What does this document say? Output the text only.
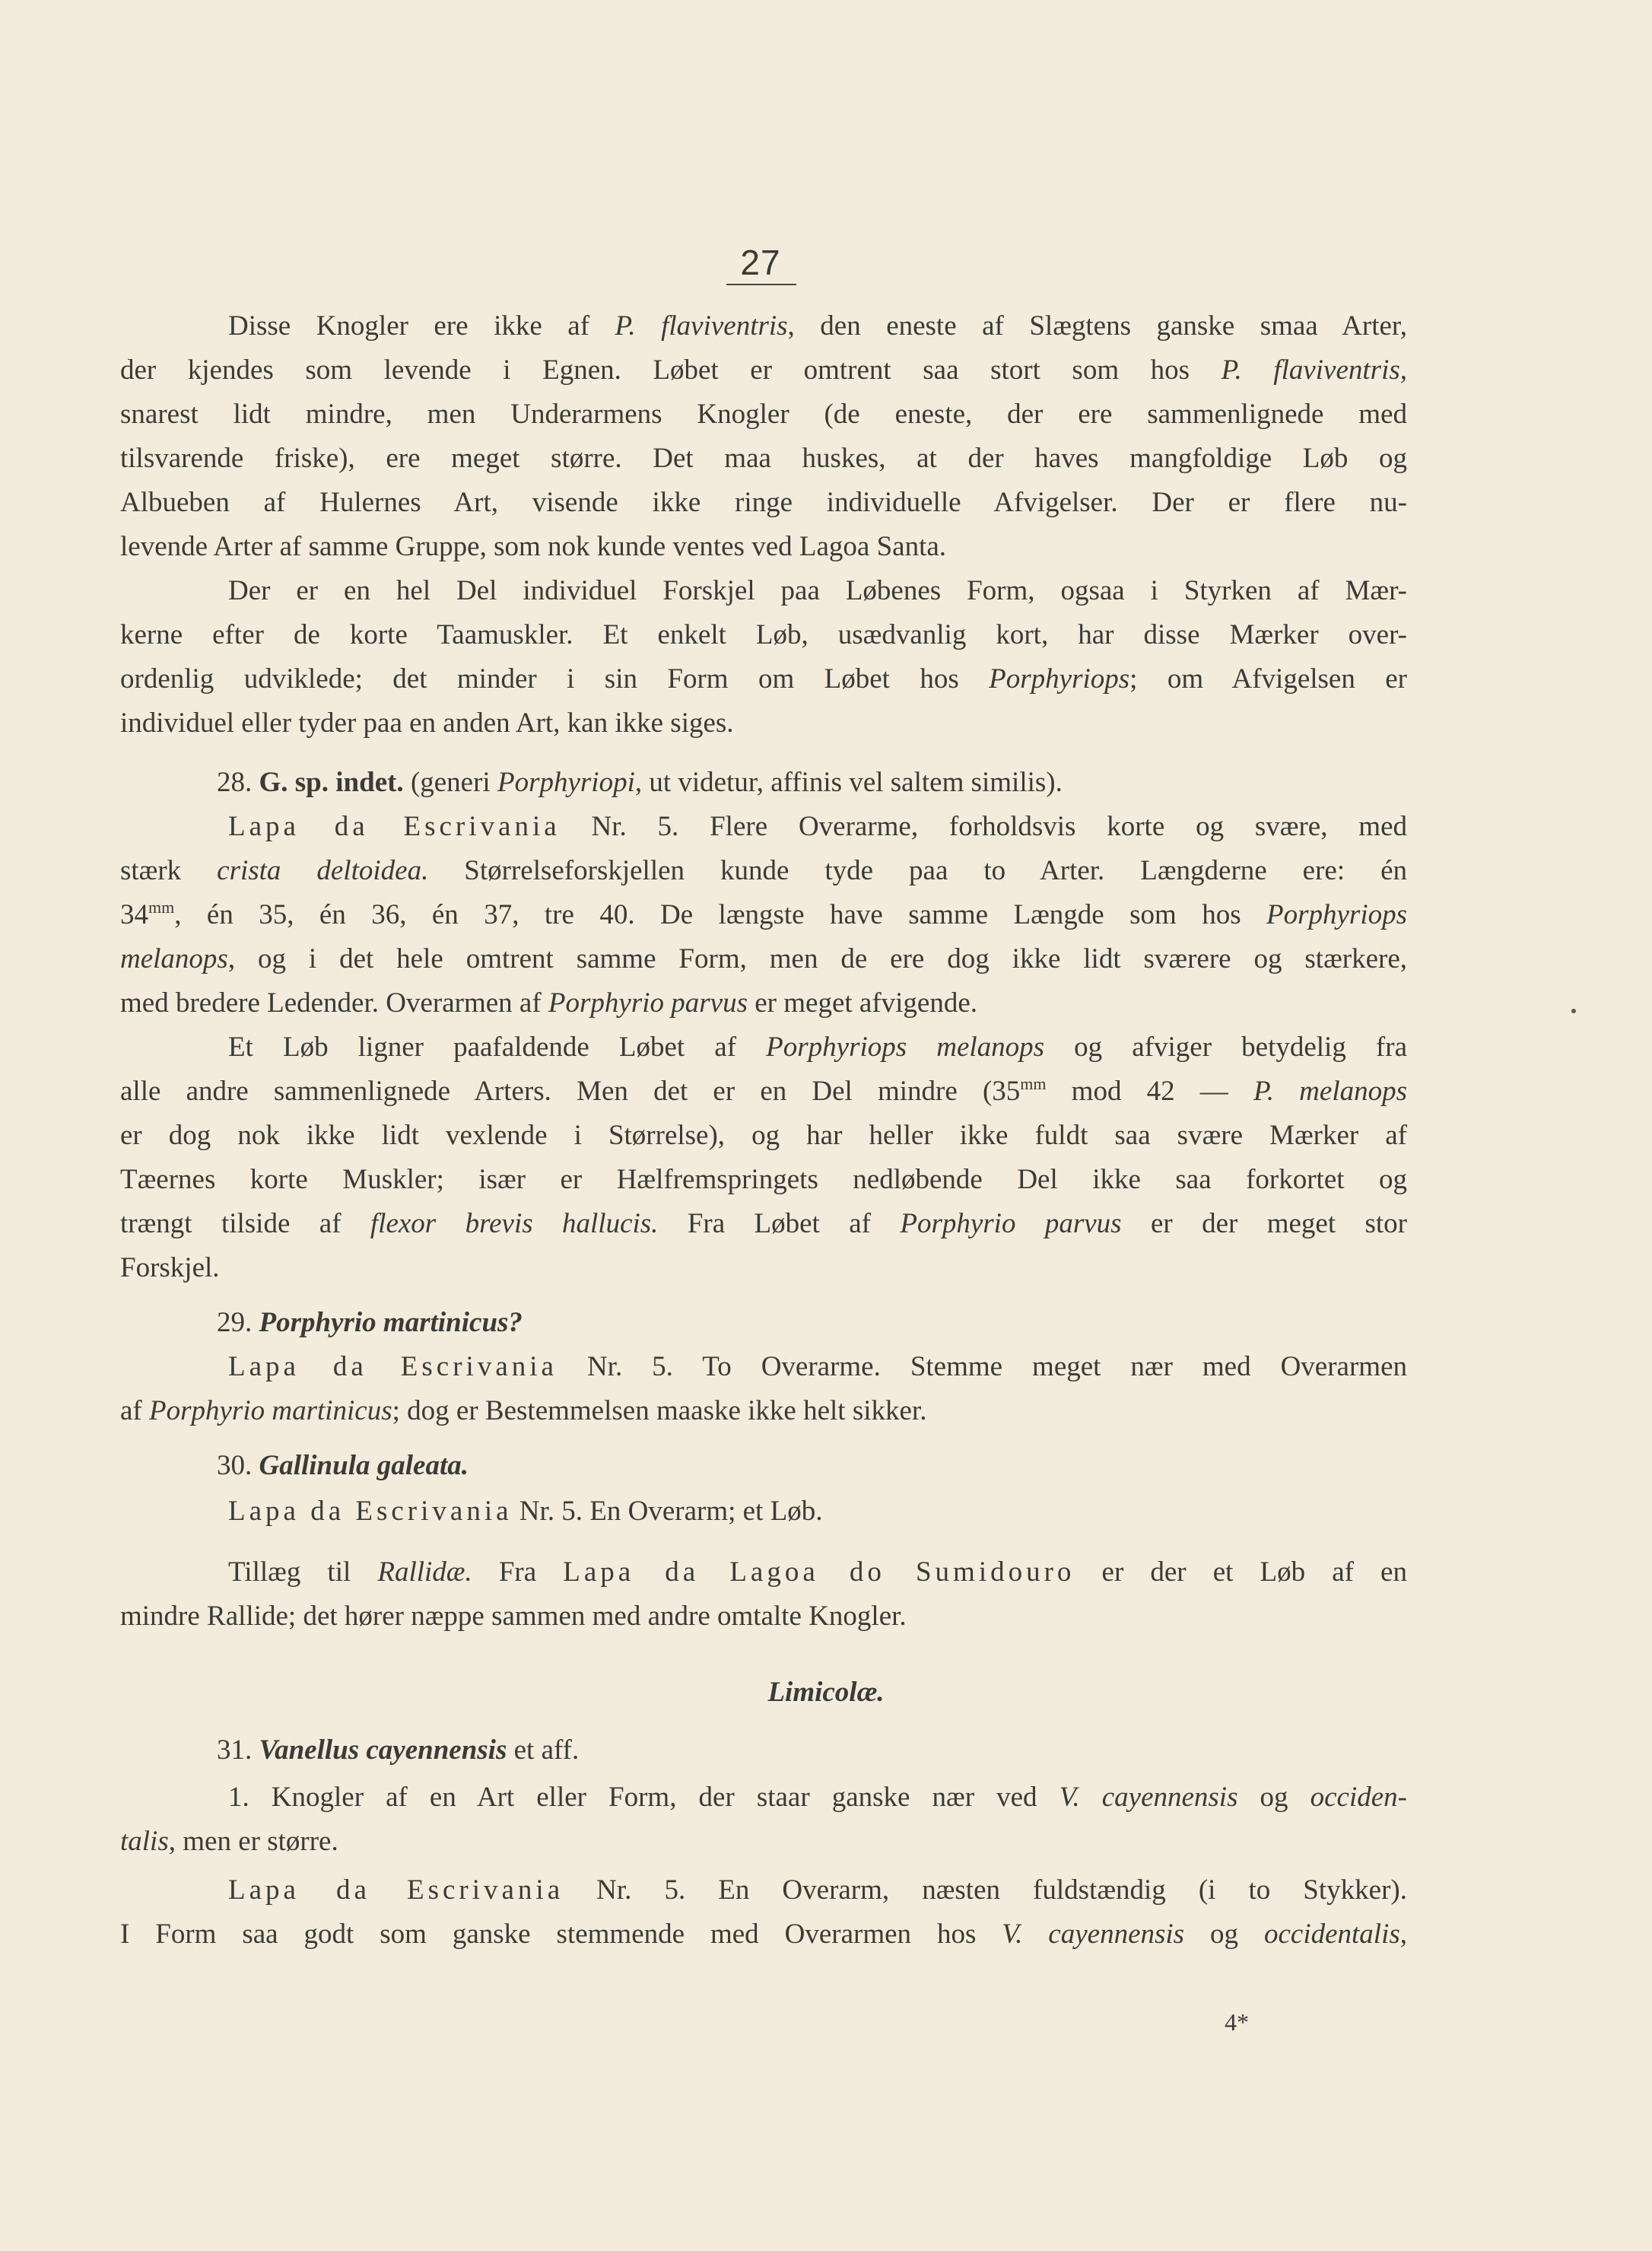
27
Disse Knogler ere ikke af P. flaviventris, den eneste af Slægtens ganske smaa Arter,
der kjendes som levende i Egnen. Løbet er omtrent saa stort som hos P. flaviventris,
snarest lidt mindre, men Underarmens Knogler (de eneste, der ere sammenlignede med
tilsvarende friske), ere meget større. Det maa huskes, at der haves mangfoldige Løb og
Albueben af Hulernes Art, visende ikke ringe individuelle Afvigelser. Der er flere nu-
levende Arter af samme Gruppe, som nok kunde ventes ved Lagoa Santa.
Der er en hel Del individuel Forskjel paa Løbenes Form, ogsaa i Styrken af Mær-
kerne efter de korte Taamuskler. Et enkelt Løb, usædvanlig kort, har disse Mærker over-
ordenlig udviklede; det minder i sin Form om Løbet hos Porphyriops; om Afvigelsen er
individuel eller tyder paa en anden Art, kan ikke siges.
28. G. sp. indet. (generi Porphyriopi, ut videtur, affinis vel saltem similis).
Lapa da Escrivania Nr. 5. Flere Overarme, forholdsvis korte og svære, med
stærk crista deltoidea. Størrelseforskjellen kunde tyde paa to Arter. Længderne ere: én
$34^{mm}$, én 35, én 36, én 37, tre 40. De længste have samme Længde som hos Porphyriops
melanops, og i det hele omtrent samme Form, men de ere dog ikke lidt sværere og stærkere,
med bredere Ledender. Overarmen af Porphyrio parvus er meget afvigende.
Et Løb ligner paafaldende Løbet af Porphyriops melanops og afviger betydelig fra
alle andre sammenlignede Arters. Men det er en Del mindre ($35^{mm}$ mod 42 — P. melanops
er dog nok ikke lidt vexlende i Størrelse), og har heller ikke fuldt saa svære Mærker af
Tæernes korte Muskler; især er Hælfremspringets nedløbende Del ikke saa forkortet og
trængt tilside af flexor brevis hallucis. Fra Løbet af Porphyrio parvus er der meget stor
Forskjel.
29. Porphyrio martinicus?
Lapa da Escrivania Nr. 5. To Overarme. Stemme meget nær med Overarmen
af Porphyrio martinicus; dog er Bestemmelsen maaske ikke helt sikker.
30. Gallinula galeata.
Lapa da Escrivania Nr. 5. En Overarm; et Løb.
Tillæg til Rallidæ. Fra Lapa da Lagoa do Sumidouro er der et Løb af en
mindre Rallide; det hører næppe sammen med andre omtalte Knogler.
Limicolæ.
31. Vanellus cayennensis et aff.
1. Knogler af en Art eller Form, der staar ganske nær ved V. cayennensis og occiden-
talis, men er større.
Lapa da Escrivania Nr. 5. En Overarm, næsten fuldstændig (i to Stykker).
I Form saa godt som ganske stemmende med Overarmen hos V. cayennensis og occidentalis,
4*
